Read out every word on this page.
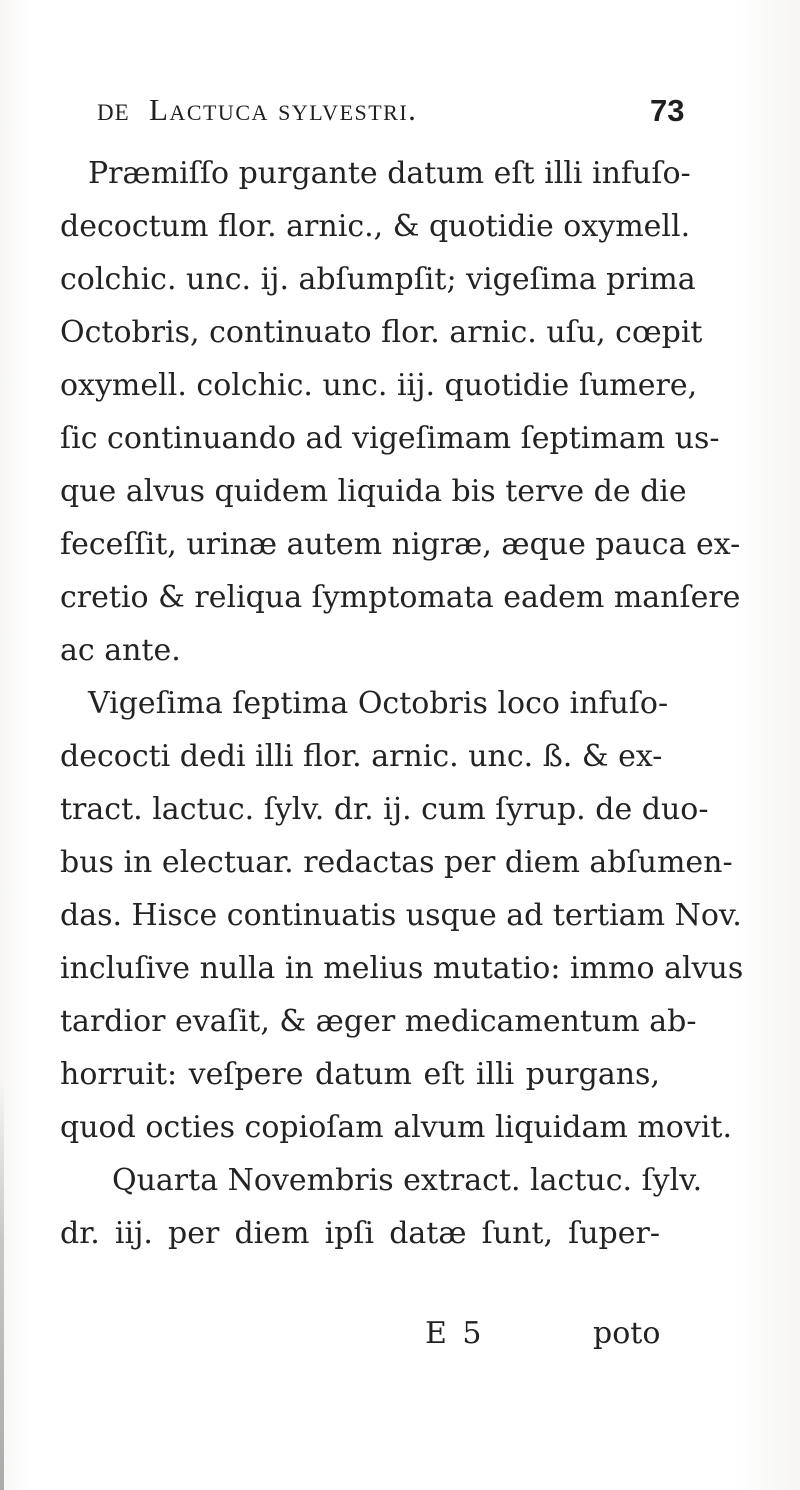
DE Lactuca sylvestri.	73
Præmiſſo purgante datum eſt illi infuſo-
decoctum flor. arnic., & quotidie oxymell.
colchic. unc. ij. abſumpſit; vigeſima prima
Octobris, continuato flor. arnic. uſu, cœpit
oxymell. colchic. unc. iij. quotidie ſumere,
ſic continuando ad vigeſimam ſeptimam us-
que alvus quidem liquida bis terve de die
feceſſit, urinæ autem nigræ, æque pauca ex-
cretio & reliqua ſymptomata eadem manſere
ac ante.
Vigeſima ſeptima Octobris loco infuſo-
decocti dedi illi flor. arnic. unc. ß. & ex-
tract. lactuc. ſylv. dr. ij. cum ſyrup. de duo-
bus in electuar. redactas per diem abſumen-
das. Hisce continuatis usque ad tertiam Nov.
incluſive nulla in melius mutatio: immo alvus
tardior evaſit, & æger medicamentum ab-
horruit: veſpere datum eſt illi purgans,
quod octies copioſam alvum liquidam movit.
Quarta Novembris extract. lactuc. ſylv.
dr. iij. per diem ipſi datæ ſunt, ſuper-
E 5	poto
